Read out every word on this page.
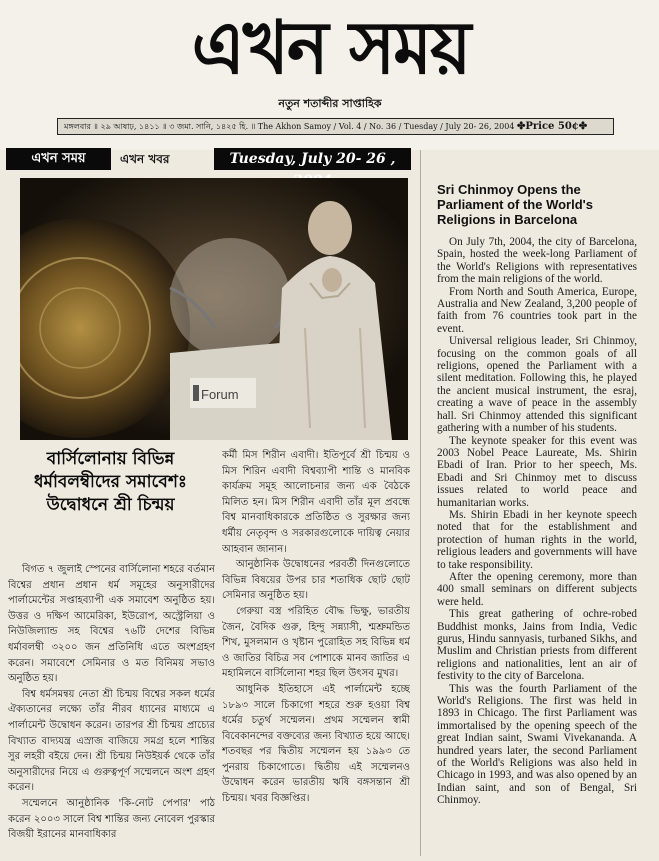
এখন সময়
নতুন শতাব্দীর সাপ্তাহিক
মঙ্গলবার ॥ ২৯ আষাঢ়, ১৪১১ ॥ ৩ জমা. সানি, ১৪২৫ হি. ॥ The Akhon Samoy / Vol. 4 / No. 36 / Tuesday / July 20- 26, 2004 ✤Price 50¢✤
এখন সময়	এখন খবর	Tuesday, July 20- 26 ,
Forum
বার্সিলোনায় বিভিন্ন
ধর্মাবলম্বীদের সমাবেশঃ
উদ্বোধনে শ্রী চিন্ময়

বিগত ৭ জুলাই স্পেনের বার্সিলোনা শহরে বর্তমান বিশ্বের প্রধান প্রধান ধর্ম সমূহের অনুসারীদের পার্লামেন্টের সপ্তাহব্যাপী এক সমাবেশ অনুষ্ঠিত হয়। উত্তর ও দক্ষিণ আমেরিকা, ইউরোপ, অস্ট্রেলিয়া ও নিউজিল্যান্ড সহ বিশ্বের ৭৬টি দেশের বিভিন্ন ধর্মাবলম্বী ৩২০০ জন প্রতিনিধি এতে অংশগ্রহণ করেন। সমাবেশে সেমিনার ও মত বিনিময় সভাও অনুষ্ঠিত হয়।

বিশ্ব ধর্মসমন্বয় নেতা শ্রী চিন্ময় বিশ্বের সকল ধর্মের ঐক্যতানের লক্ষ্যে তাঁর নীরব ধ্যানের মাধ্যমে এ পার্লামেন্ট উদ্বোধন করেন। তারপর শ্রী চিন্ময় প্রাচ্যের বিখ্যাত বাদ্যযন্ত্র এস্রাজ বাজিয়ে সমগ্র হলে শান্তির সুর লহরী বইয়ে দেন। শ্রী চিন্ময় নিউইয়র্ক থেকে তাঁর অনুসারীদের নিয়ে এ গুরুত্বপূর্ণ সম্মেলনে অংশ গ্রহণ করেন।

সম্মেলনে আনুষ্ঠানিক 'কি-নোট পেপার' পাঠ করেন ২০০৩ সালে বিশ্ব শান্তির জন্য নোবেল পুরস্কার বিজয়ী ইরানের মানবাধিকার

কর্মী মিস শিরীন এবাদী। ইতিপূর্বে শ্রী চিন্ময় ও মিস শিরিন এবাদী বিশ্বব্যাপী শান্তি ও মানবিক কার্যক্রম সমূহ আলোচনার জন্য এক বৈঠকে মিলিত হন। মিস শিরীন এবাদী তাঁর মূল প্রবন্ধে বিশ্ব মানবাধিকারকে প্রতিষ্ঠিত ও সুরক্ষার জন্য ধর্মীয় নেতৃবৃন্দ ও সরকারগুলোকে দায়িত্ব নেয়ার আহবান জানান।

আনুষ্ঠানিক উদ্বোধনের পরবর্তী দিনগুলোতে বিভিন্ন বিষয়ের উপর চার শতাধিক ছোট ছোট সেমিনার অনুষ্ঠিত হয়।

গেরুয়া বস্ত্র পরিহিত বৌদ্ধ ভিক্ষু, ভারতীয় জৈন, বৈদিক গুরু, হিন্দু সন্ন্যাসী, শ্মশ্রুমন্ডিত শিখ, মুসলমান ও খৃষ্টান পুরোহিত সহ বিভিন্ন ধর্ম ও জাতির বিচিত্র সব পোশাকে মানব জাতির এ মহামিলনে বার্সিলোনা শহর ছিল উৎসব মুখর।

আধুনিক ইতিহাসে এই পার্লামেন্ট হচ্ছে ১৮৯৩ সালে চিকাগো শহরে শুরু হওয়া বিশ্ব ধর্মের চতুর্থ সম্মেলন। প্রথম সম্মেলন স্বামী বিবেকানন্দের বক্তব্যের জন্য বিখ্যাত হয়ে আছে। শতবছর পর দ্বিতীয় সম্মেলন হয় ১৯৯৩ তে পুনরায় চিকাগোতে। দ্বিতীয় এই সম্মেলনও উদ্বোধন করেন ভারতীয় ঋষি বঙ্গসন্তান শ্রী চিন্ময়। খবর বিজ্ঞপ্তির।

Sri Chinmoy Opens the Parliament of the World's Religions in Barcelona

On July 7th, 2004, the city of Barcelona, Spain, hosted the week-long Parliament of the World's Religions with representatives from the main religions of the world.

From North and South America, Europe, Australia and New Zealand, 3,200 people of faith from 76 countries took part in the event.

Universal religious leader, Sri Chinmoy, focusing on the common goals of all religions, opened the Parliament with a silent meditation. Following this, he played the ancient musical instrument, the esraj, creating a wave of peace in the assembly hall. Sri Chinmoy attended this significant gathering with a number of his students.

The keynote speaker for this event was 2003 Nobel Peace Laureate, Ms. Shirin Ebadi of Iran. Prior to her speech, Ms. Ebadi and Sri Chinmoy met to discuss issues related to world peace and humanitarian works.

Ms. Shirin Ebadi in her keynote speech noted that for the establishment and protection of human rights in the world, religious leaders and governments will have to take responsibility.

After the opening ceremony, more than 400 small seminars on different subjects were held.

This great gathering of ochre-robed Buddhist monks, Jains from India, Vedic gurus, Hindu sannyasis, turbaned Sikhs, and Muslim and Christian priests from different religions and nationalities, lent an air of festivity to the city of Barcelona.

This was the fourth Parliament of the World's Religions. The first was held in 1893 in Chicago. The first Parliament was immortalised by the opening speech of the great Indian saint, Swami Vivekananda. A hundred years later, the second Parliament of the World's Religions was also held in Chicago in 1993, and was also opened by an Indian saint, and son of Bengal, Sri Chinmoy.
